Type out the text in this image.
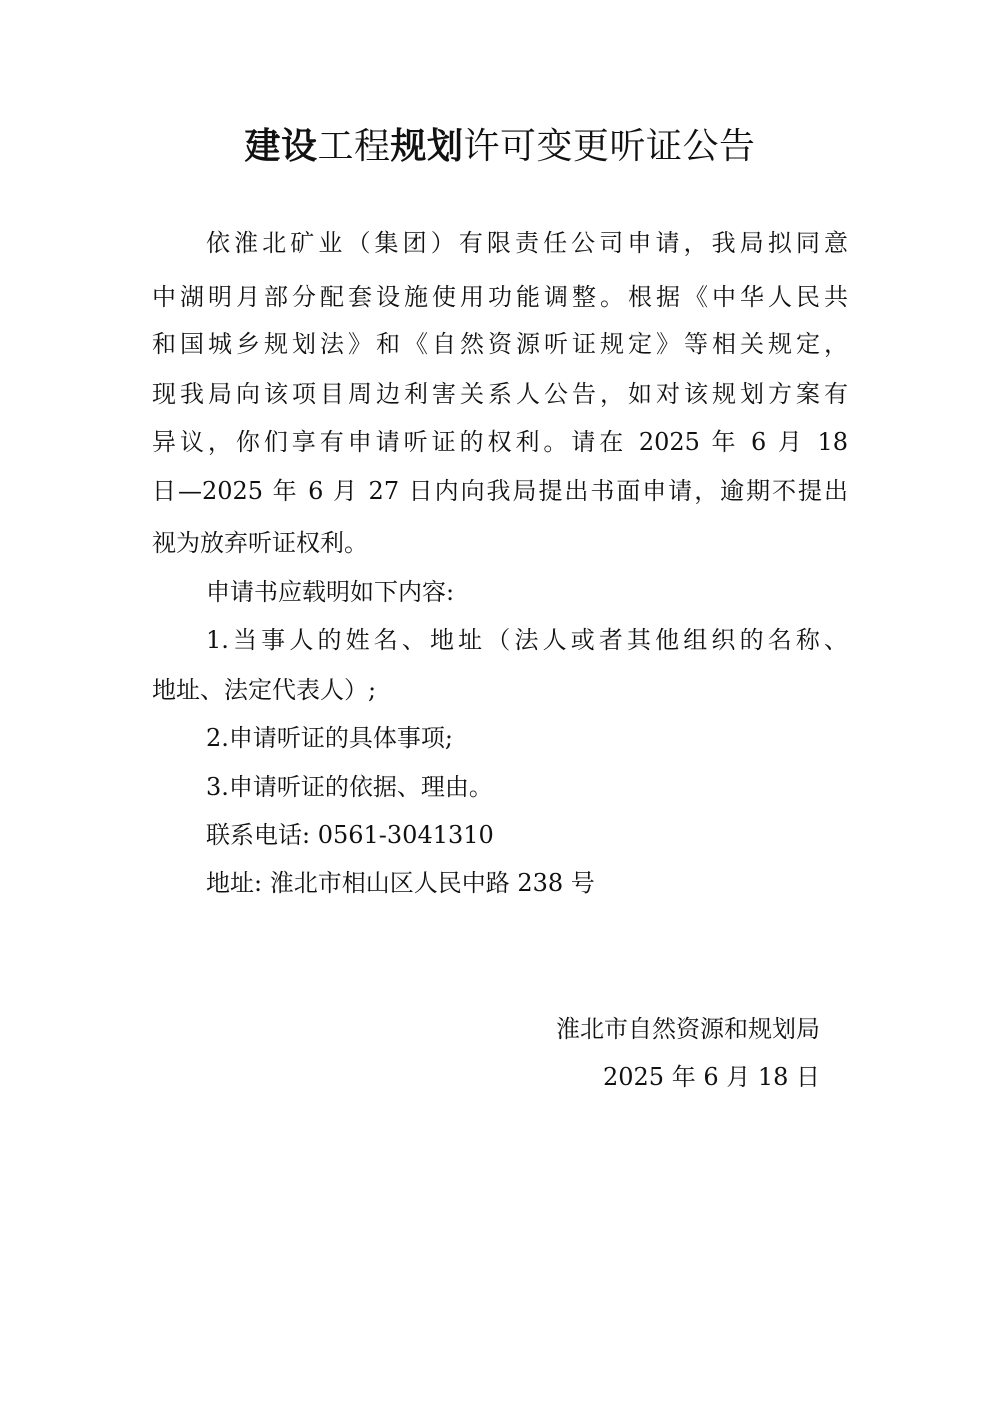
建设工程规划许可变更听证公告
依淮北矿业（集团）有限责任公司申请，我局拟同意
中湖明月部分配套设施使用功能调整。根据《中华人民共
和国城乡规划法》和《自然资源听证规定》等相关规定，
现我局向该项目周边利害关系人公告，如对该规划方案有
异议，你们享有申请听证的权利。请在 2025 年 6 月 18
日—2025 年 6 月 27 日内向我局提出书面申请，逾期不提出
视为放弃听证权利。
申请书应载明如下内容:
1.当事人的姓名、地址（法人或者其他组织的名称、
地址、法定代表人）;
2.申请听证的具体事项;
3.申请听证的依据、理由。
联系电话: 0561-3041310
地址: 淮北市相山区人民中路 238 号
淮北市自然资源和规划局
2025 年 6 月 18 日
